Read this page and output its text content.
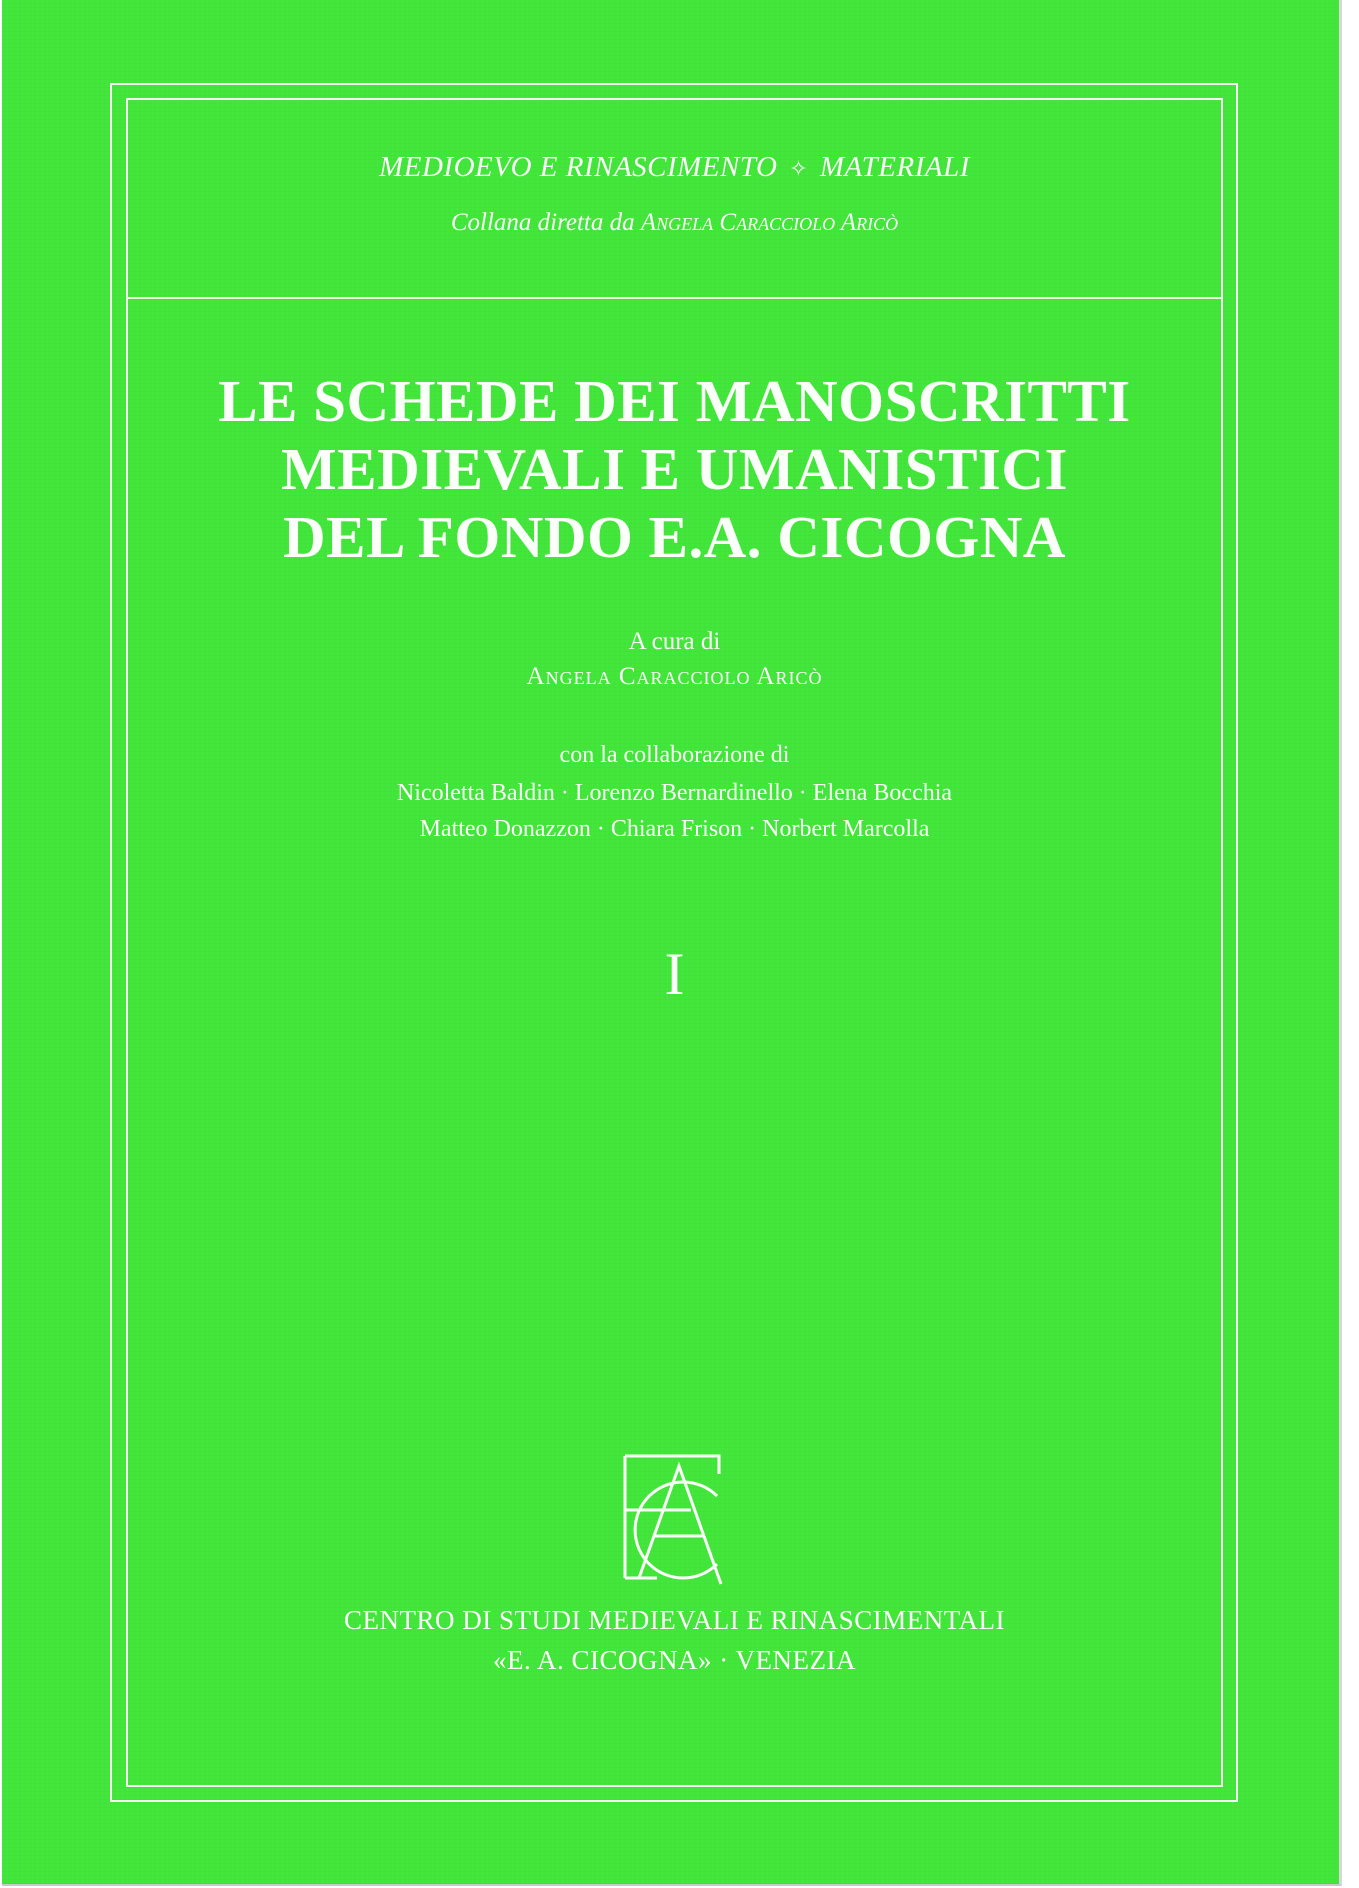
MEDIOEVO E RINASCIMENTO ✧ MATERIALI

Collana diretta da Angela Caracciolo Aricò

LE SCHEDE DEI MANOSCRITTI
MEDIEVALI E UMANISTICI
DEL FONDO E.A. CICOGNA

A cura di

Angela Caracciolo Aricò

con la collaborazione di

Nicoletta Baldin · Lorenzo Bernardinello · Elena Bocchia

Matteo Donazzon · Chiara Frison · Norbert Marcolla

I

CENTRO DI STUDI MEDIEVALI E RINASCIMENTALI
«E. A. CICOGNA» · VENEZIA
